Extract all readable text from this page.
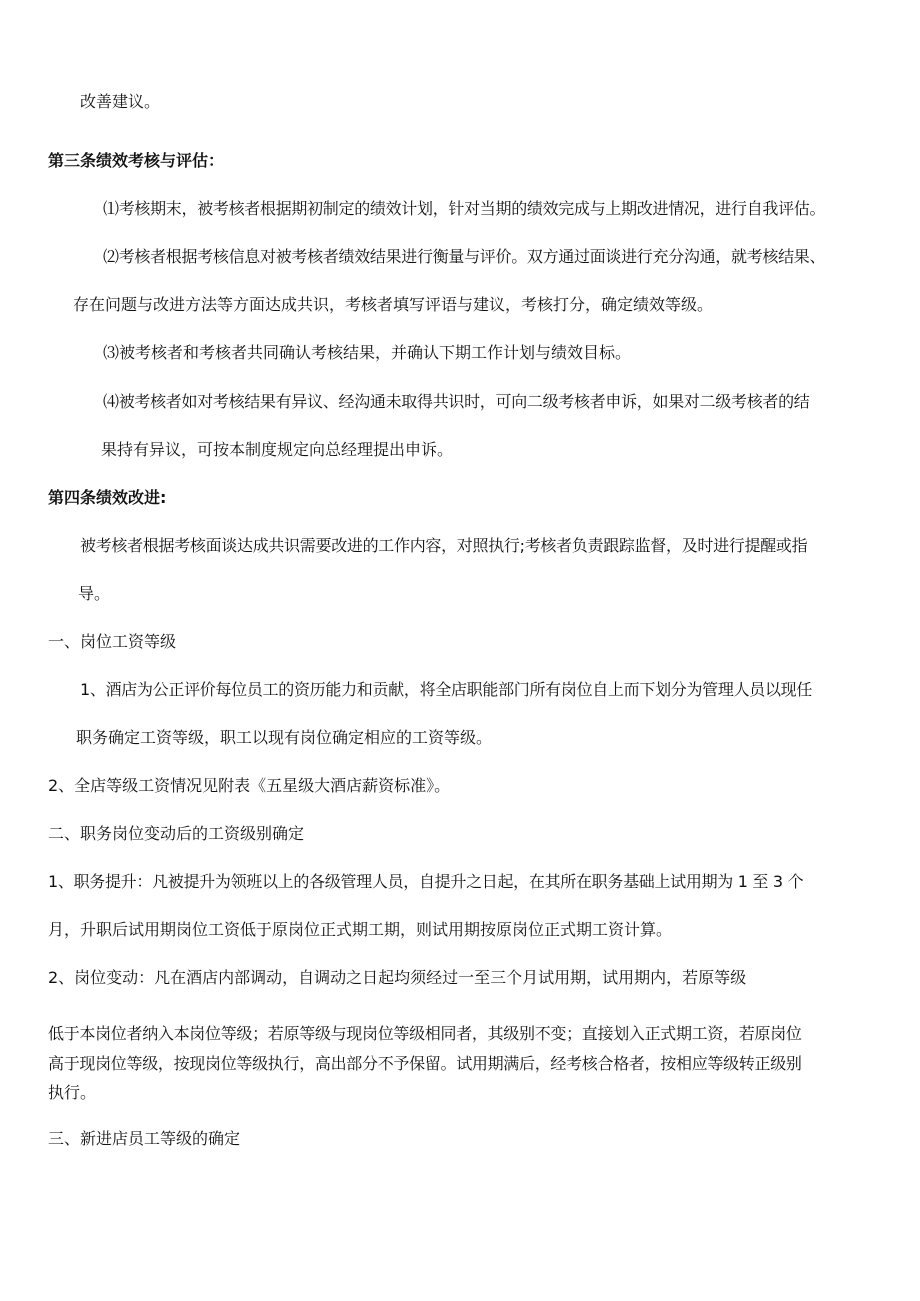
改善建议。
第三条绩效考核与评估：
⑴考核期末，被考核者根据期初制定的绩效计划，针对当期的绩效完成与上期改进情况，进行自我评估。
⑵考核者根据考核信息对被考核者绩效结果进行衡量与评价。双方通过面谈进行充分沟通，就考核结果、
存在问题与改进方法等方面达成共识，考核者填写评语与建议，考核打分，确定绩效等级。
⑶被考核者和考核者共同确认考核结果，并确认下期工作计划与绩效目标。
⑷被考核者如对考核结果有异议、经沟通未取得共识时，可向二级考核者申诉，如果对二级考核者的结
果持有异议，可按本制度规定向总经理提出申诉。
第四条绩效改进:
被考核者根据考核面谈达成共识需要改进的工作内容，对照执行;考核者负责跟踪监督，及时进行提醒或指
导。
一、岗位工资等级
1、酒店为公正评价每位员工的资历能力和贡献，将全店职能部门所有岗位自上而下划分为管理人员以现任
职务确定工资等级，职工以现有岗位确定相应的工资等级。
2、全店等级工资情况见附表《五星级大酒店薪资标准》。
二、职务岗位变动后的工资级别确定
1、职务提升：凡被提升为领班以上的各级管理人员，自提升之日起，在其所在职务基础上试用期为 1 至 3 个
月，升职后试用期岗位工资低于原岗位正式期工期，则试用期按原岗位正式期工资计算。
2、岗位变动：凡在酒店内部调动，自调动之日起均须经过一至三个月试用期，试用期内，若原等级
低于本岗位者纳入本岗位等级；若原等级与现岗位等级相同者，其级别不变；直接划入正式期工资，若原岗位
高于现岗位等级，按现岗位等级执行，高出部分不予保留。试用期满后，经考核合格者，按相应等级转正级别
执行。
三、新进店员工等级的确定
